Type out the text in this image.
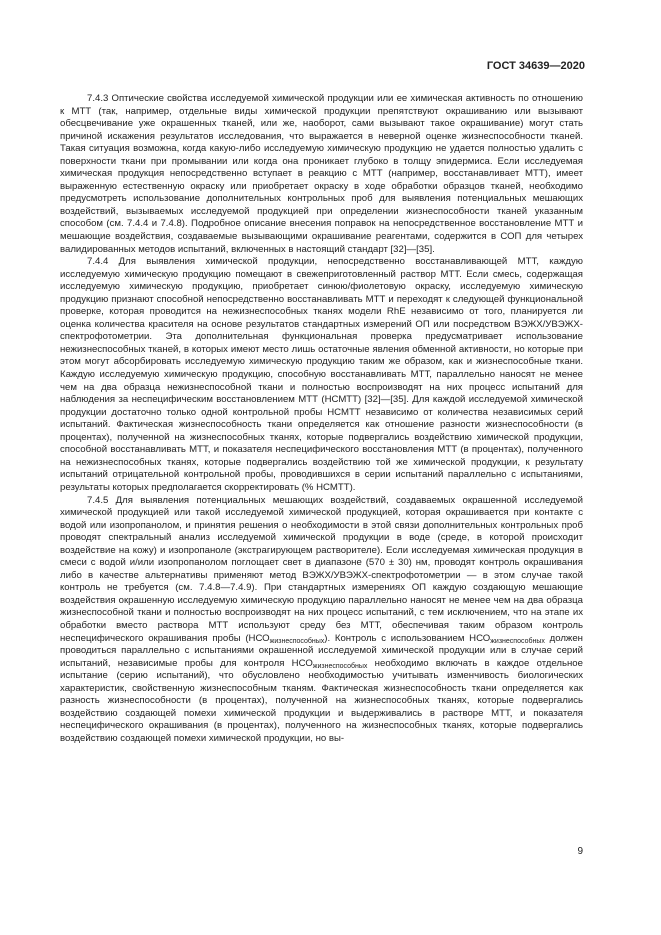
ГОСТ 34639—2020

7.4.3 Оптические свойства исследуемой химической продукции или ее химическая активность по отношению к МТТ (так, например, отдельные виды химической продукции препятствуют окрашиванию или вызывают обесцвечивание уже окрашенных тканей, или же, наоборот, сами вызывают такое окрашивание) могут стать причиной искажения результатов исследования, что выражается в неверной оценке жизнеспособности тканей. Такая ситуация возможна, когда какую-либо исследуемую химическую продукцию не удается полностью удалить с поверхности ткани при промывании или когда она проникает глубоко в толщу эпидермиса. Если исследуемая химическая продукция непосредственно вступает в реакцию с МТТ (например, восстанавливает МТТ), имеет выраженную естественную окраску или приобретает окраску в ходе обработки образцов тканей, необходимо предусмотреть использование дополнительных контрольных проб для выявления потенциальных мешающих воздействий, вызываемых исследуемой продукцией при определении жизнеспособности тканей указанным способом (см. 7.4.4 и 7.4.8). Подробное описание внесения поправок на непосредственное восстановление МТТ и мешающие воздействия, создаваемые вызывающими окрашивание реагентами, содержится в СОП для четырех валидированных методов испытаний, включенных в настоящий стандарт [32]—[35].

7.4.4 Для выявления химической продукции, непосредственно восстанавливающей МТТ, каждую исследуемую химическую продукцию помещают в свежеприготовленный раствор МТТ. Если смесь, содержащая исследуемую химическую продукцию, приобретает синюю/фиолетовую окраску, исследуемую химическую продукцию признают способной непосредственно восстанавливать МТТ и переходят к следующей функциональной проверке, которая проводится на нежизнеспособных тканях модели RhE независимо от того, планируется ли оценка количества красителя на основе результатов стандартных измерений ОП или посредством ВЭЖХ/УВЭЖХ-спектрофотометрии. Эта дополнительная функциональная проверка предусматривает использование нежизнеспособных тканей, в которых имеют место лишь остаточные явления обменной активности, но которые при этом могут абсорбировать исследуемую химическую продукцию таким же образом, как и жизнеспособные ткани. Каждую исследуемую химическую продукцию, способную восстанавливать МТТ, параллельно наносят не менее чем на два образца нежизнеспособной ткани и полностью воспроизводят на них процесс испытаний для наблюдения за неспецифическим восстановлением МТТ (НСМТТ) [32]—[35]. Для каждой исследуемой химической продукции достаточно только одной контрольной пробы НСМТТ независимо от количества независимых серий испытаний. Фактическая жизнеспособность ткани определяется как отношение разности жизнеспособности (в процентах), полученной на жизнеспособных тканях, которые подвергались воздействию химической продукции, способной восстанавливать МТТ, и показателя неспецифического восстановления МТТ (в процентах), полученного на нежизнеспособных тканях, которые подвергались воздействию той же химической продукции, к результату испытаний отрицательной контрольной пробы, проводившихся в серии испытаний параллельно с испытаниями, результаты которых предполагается скорректировать (% НСМТТ).

7.4.5 Для выявления потенциальных мешающих воздействий, создаваемых окрашенной исследуемой химической продукцией или такой исследуемой химической продукцией, которая окрашивается при контакте с водой или изопропанолом, и принятия решения о необходимости в этой связи дополнительных контрольных проб проводят спектральный анализ исследуемой химической продукции в воде (среде, в которой происходит воздействие на кожу) и изопропаноле (экстрагирующем растворителе). Если исследуемая химическая продукция в смеси с водой и/или изопропанолом поглощает свет в диапазоне (570 ± 30) нм, проводят контроль окрашивания либо в качестве альтернативы применяют метод ВЭЖХ/УВЭЖХ-спектрофотометрии — в этом случае такой контроль не требуется (см. 7.4.8—7.4.9). При стандартных измерениях ОП каждую создающую мешающие воздействия окрашенную исследуемую химическую продукцию параллельно наносят не менее чем на два образца жизнеспособной ткани и полностью воспроизводят на них процесс испытаний, с тем исключением, что на этапе их обработки вместо раствора МТТ используют среду без МТТ, обеспечивая таким образом контроль неспецифического окрашивания пробы $(НСО_{жизнеспособных})$. Контроль с использованием $НСО_{жизнеспособных}$ должен проводиться параллельно с испытаниями окрашенной исследуемой химической продукции или в случае серий испытаний, независимые пробы для контроля $НСО_{жизнеспособных}$ необходимо включать в каждое отдельное испытание (серию испытаний), что обусловлено необходимостью учитывать изменчивость биологических характеристик, свойственную жизнеспособным тканям. Фактическая жизнеспособность ткани определяется как разность жизнеспособности (в процентах), полученной на жизнеспособных тканях, которые подвергались воздействию создающей помехи химической продукции и выдерживались в растворе МТТ, и показателя неспецифического окрашивания (в процентах), полученного на жизнеспособных тканях, которые подвергались воздействию создающей помехи химической продукции, но вы-

9
